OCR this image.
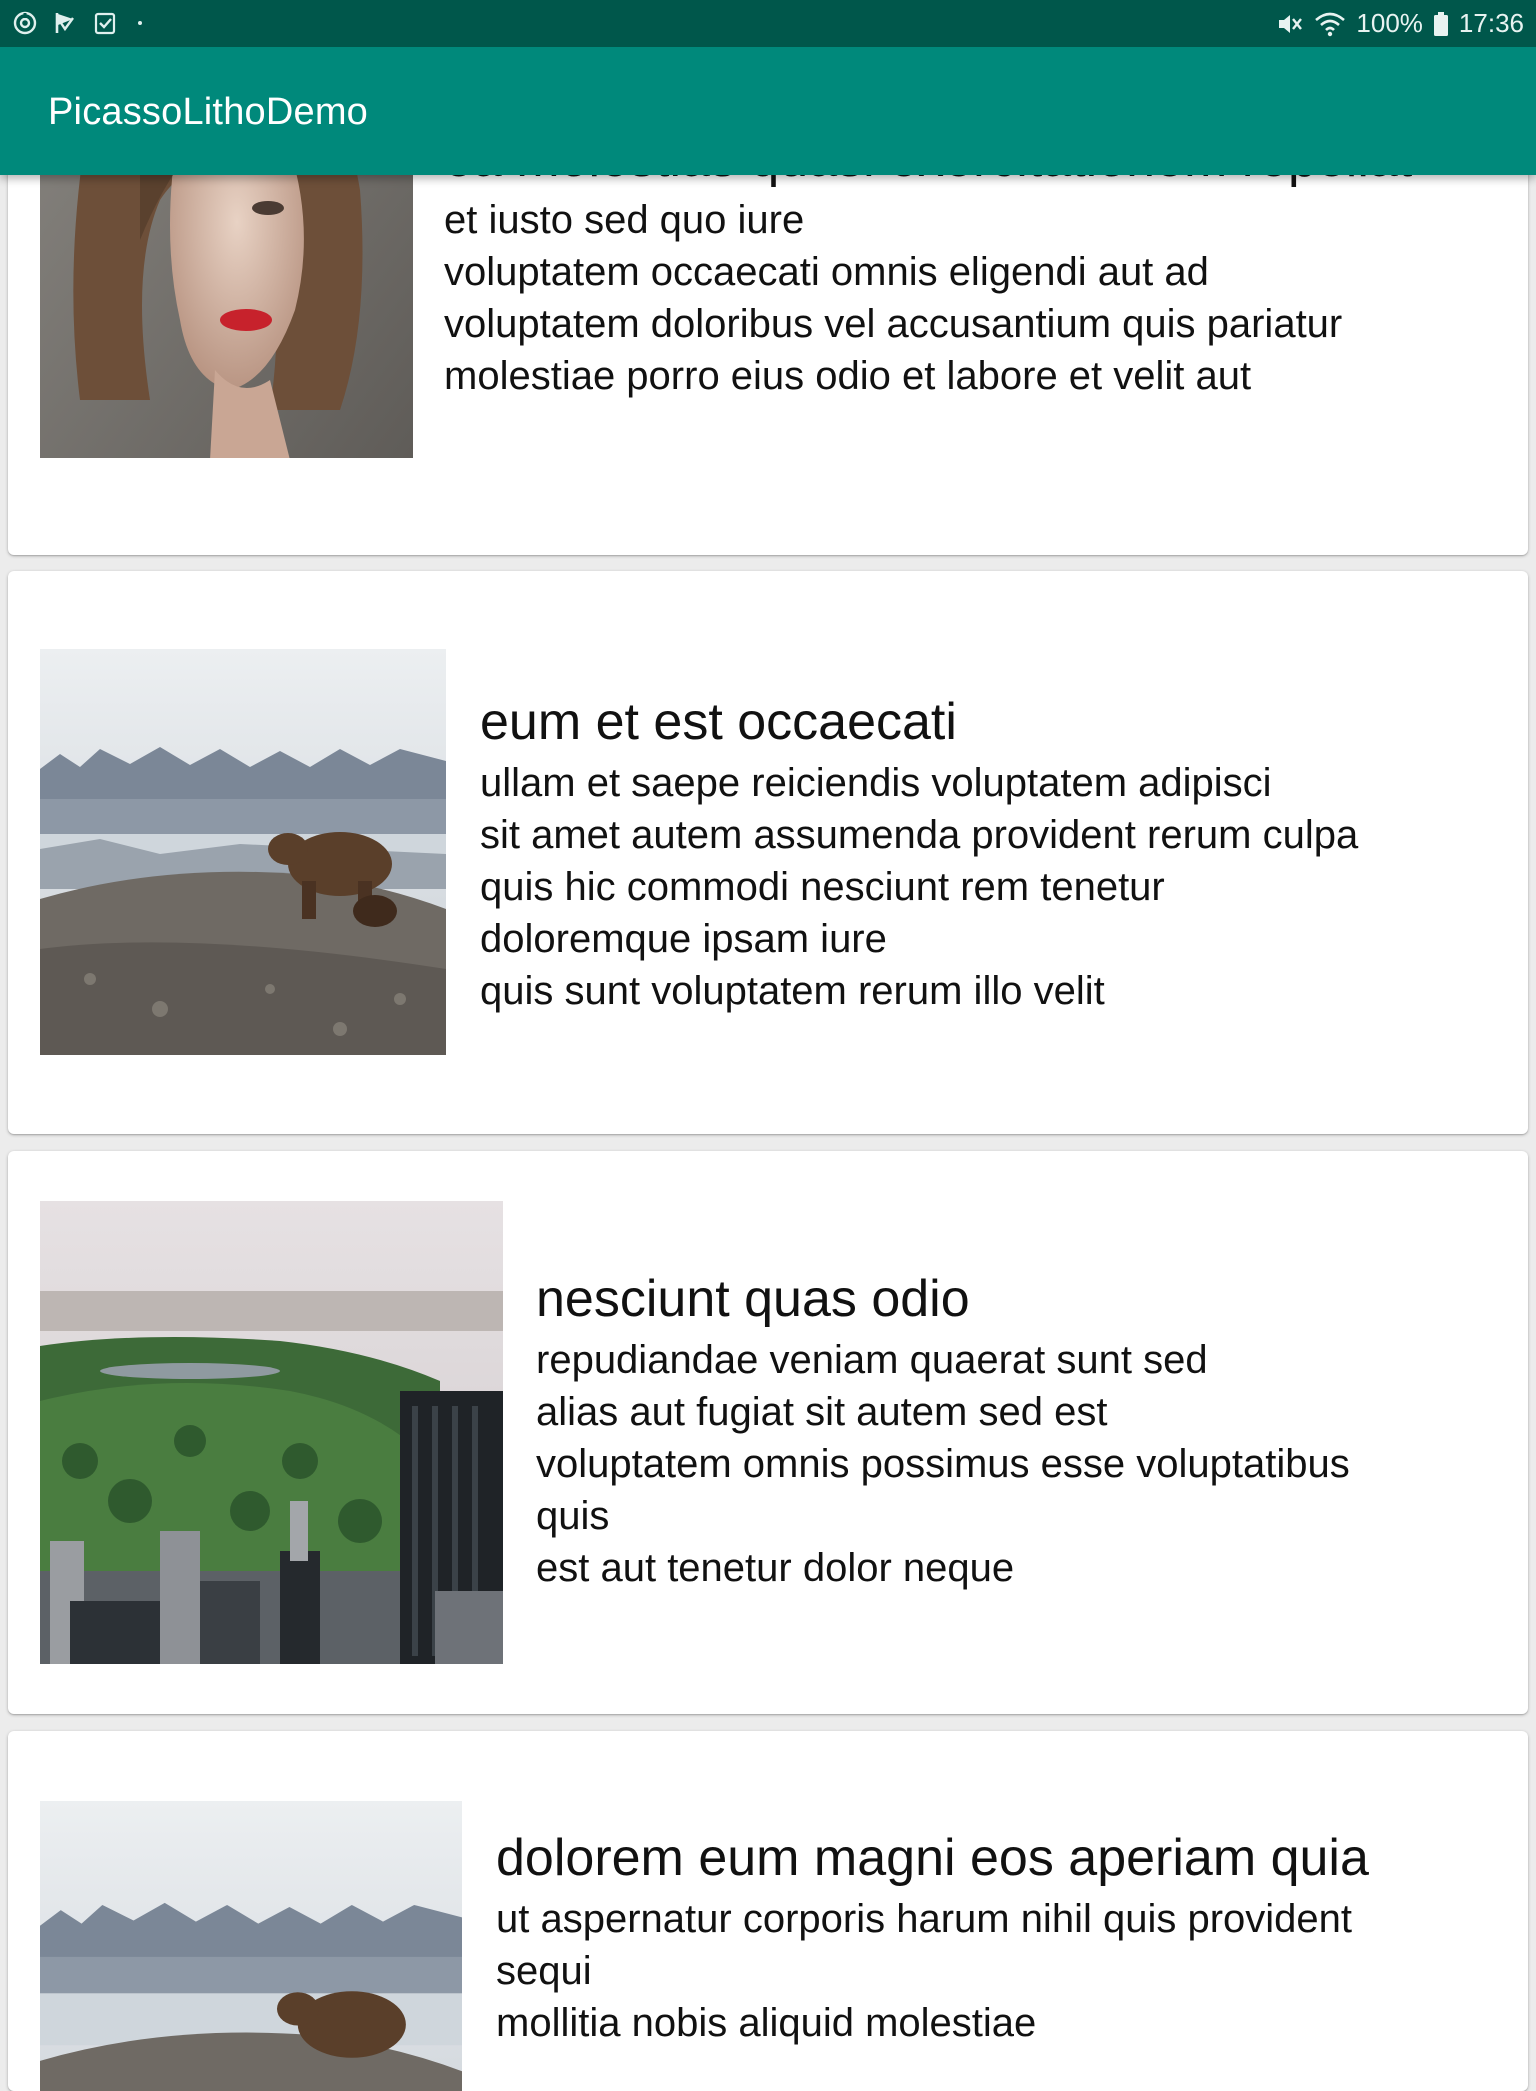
100% 17:36
PicassoLithoDemo
et iusto sed quo iure
voluptatem occaecati omnis eligendi aut ad
voluptatem doloribus vel accusantium quis pariatur
molestiae porro eius odio et labore et velit aut
eum et est occaecati
ullam et saepe reiciendis voluptatem adipisci
sit amet autem assumenda provident rerum culpa
quis hic commodi nesciunt rem tenetur
doloremque ipsam iure
quis sunt voluptatem rerum illo velit
nesciunt quas odio
repudiandae veniam quaerat sunt sed
alias aut fugiat sit autem sed est
voluptatem omnis possimus esse voluptatibus
quis
est aut tenetur dolor neque
dolorem eum magni eos aperiam quia
ut aspernatur corporis harum nihil quis provident
sequi
mollitia nobis aliquid molestiae
